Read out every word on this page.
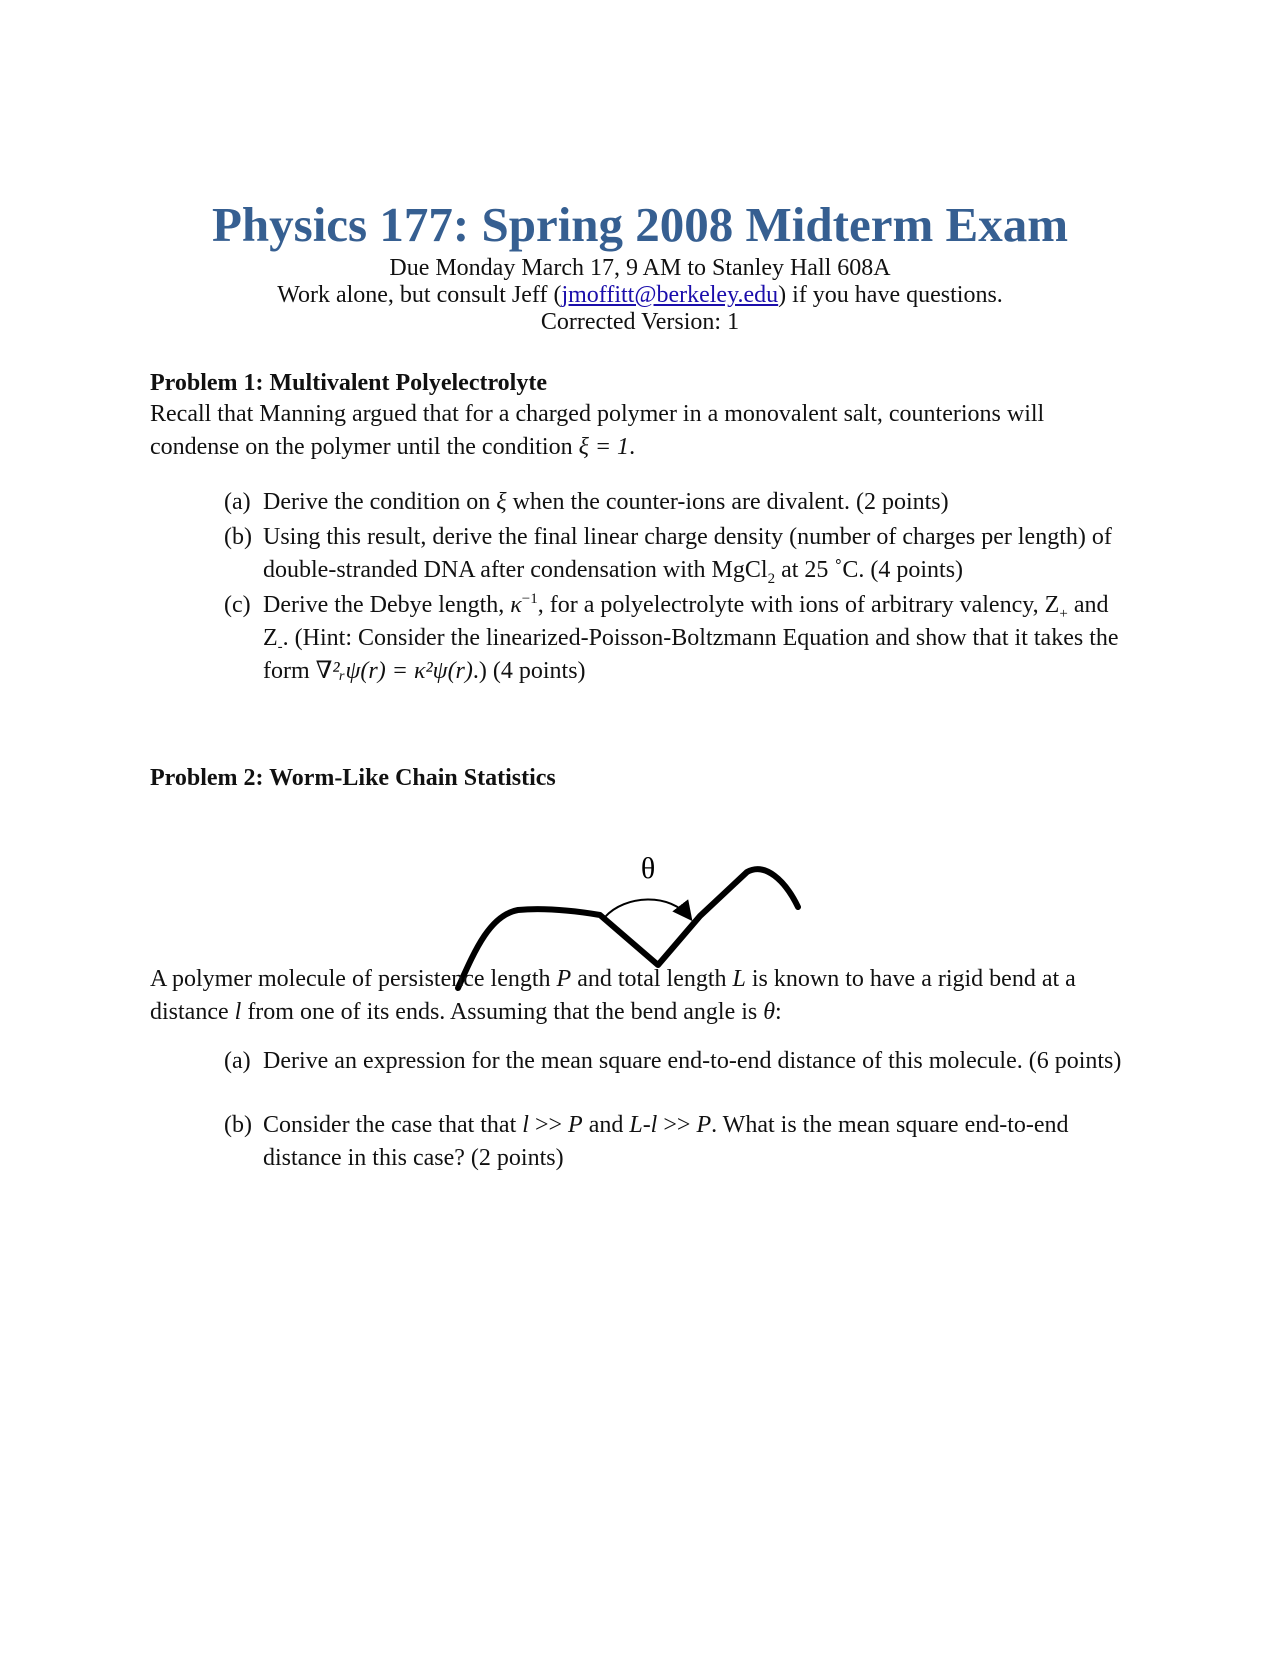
Physics 177: Spring 2008 Midterm Exam
Due Monday March 17, 9 AM to Stanley Hall 608A
Work alone, but consult Jeff (jmoffitt@berkeley.edu) if you have questions.
Corrected Version: 1
Problem 1: Multivalent Polyelectrolyte
Recall that Manning argued that for a charged polymer in a monovalent salt, counterions will condense on the polymer until the condition ξ = 1.
(a) Derive the condition on ξ when the counter-ions are divalent. (2 points)
(b) Using this result, derive the final linear charge density (number of charges per length) of double-stranded DNA after condensation with MgCl$_2$ at 25 ˚C. (4 points)
(c) Derive the Debye length, $\kappa^{-1}$, for a polyelectrolyte with ions of arbitrary valency, $Z_+$ and $Z_-$. (Hint: Consider the linearized-Poisson-Boltzmann Equation and show that it takes the form ∇²ᵣψ(r) = κ²ψ(r).) (4 points)
Problem 2: Worm-Like Chain Statistics
θ
A polymer molecule of persistence length P and total length L is known to have a rigid bend at a distance l from one of its ends. Assuming that the bend angle is θ:
(a) Derive an expression for the mean square end-to-end distance of this molecule. (6 points)
(b) Consider the case that that l >> P and L-l >> P. What is the mean square end-to-end distance in this case? (2 points)
